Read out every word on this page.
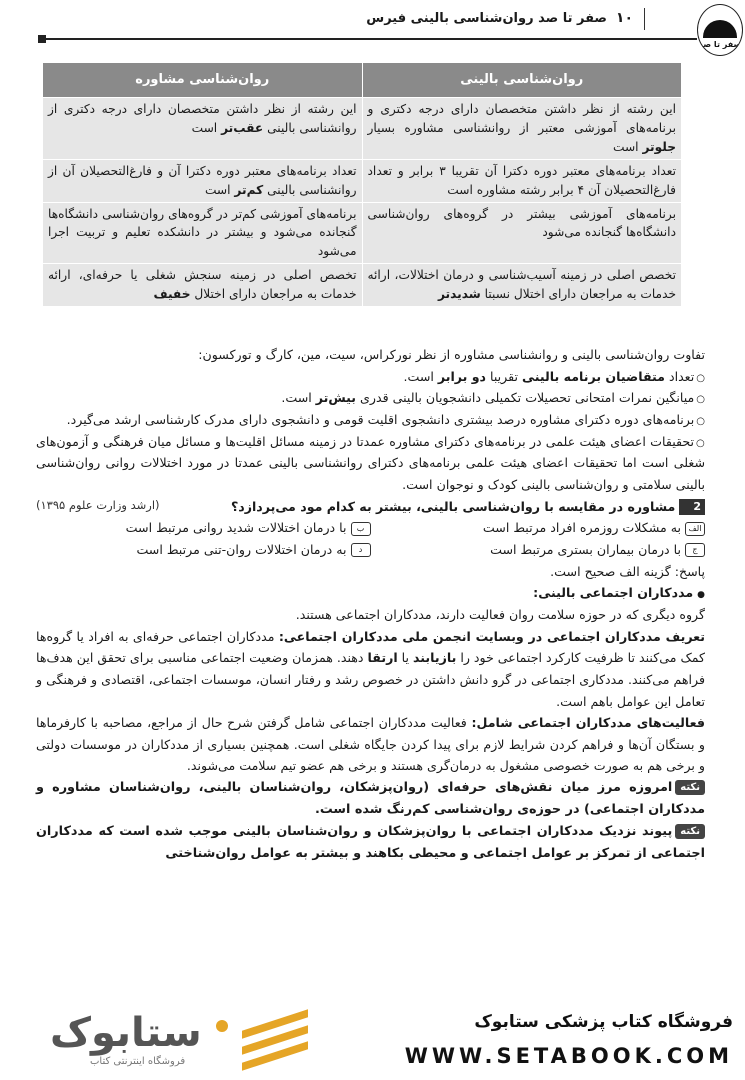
صفر تا صد
۱۰
صفر تا صد روان‌شناسی بالینی فیرس
روان‌شناسی بالینی	روان‌شناسی مشاوره
این رشته از نظر داشتن متخصصان دارای درجه دکتری و برنامه‌های آموزشی معتبر از روانشناسی مشاوره بسیار جلوتر است	این رشته از نظر داشتن متخصصان دارای درجه دکتری از روانشناسی بالینی عقب‌تر است
تعداد برنامه‌های معتبر دوره دکترا آن تقریبا ۳ برابر و تعداد فارغ‌التحصیلان آن ۴ برابر رشته مشاوره است	تعداد برنامه‌های معتبر دوره دکترا آن و فارغ‌التحصیلان آن از روانشناسی بالینی کم‌تر است
برنامه‌های آموزشی بیشتر در گروه‌های روان‌شناسی دانشگاه‌ها گنجانده می‌شود	برنامه‌های آموزشی کم‌تر در گروه‌های روان‌شناسی دانشگاه‌ها گنجانده می‌شود و بیشتر در دانشکده تعلیم و تربیت اجرا می‌شود
تخصص اصلی در زمینه آسیب‌شناسی و درمان اختلالات، ارائه خدمات به مراجعان دارای اختلال نسبتا شدیدتر	تخصص اصلی در زمینه سنجش شغلی یا حرفه‌ای، ارائه خدمات به مراجعان دارای اختلال خفیف

تفاوت روان‌شناسی بالینی و روانشناسی مشاوره از نظر نورکراس، سیت، مین، کارگ و تورکسون:

○ تعداد متقاضیان برنامه بالینی تقریبا دو برابر است.

○ میانگین نمرات امتحانی تحصیلات تکمیلی دانشجویان بالینی قدری بیش‌تر است.

○ برنامه‌های دوره دکترای مشاوره درصد بیشتری دانشجوی اقلیت قومی و دانشجوی دارای مدرک کارشناسی ارشد می‌گیرد.

○ تحقیقات اعضای هیئت علمی در برنامه‌های دکترای مشاوره عمدتا در زمینه مسائل اقلیت‌ها و مسائل میان فرهنگی و آزمون‌های شغلی است اما تحقیقات اعضای هیئت علمی برنامه‌های دکترای روانشناسی بالینی عمدتا در مورد اختلالات روانی روان‌شناسی بالینی سلامتی و روان‌شناسی بالینی کودک و نوجوان است.

2مشاوره در مقایسه با روان‌شناسی بالینی، بیشتر به کدام مود می‌پردازد؟
(ارشد وزارت علوم ۱۳۹۵)

الفبه مشکلات روزمره افراد مرتبط است
ببا درمان اختلالات شدید روانی مرتبط است
جبا درمان بیماران بستری مرتبط است
دبه درمان اختلالات روان-تنی مرتبط است

پاسخ: گزینه الف صحیح است.

● مددکاران اجتماعی بالینی:

گروه دیگری که در حوزه سلامت روان فعالیت دارند، مددکاران اجتماعی هستند.

تعریف مددکاران اجتماعی در وبسایت انجمن ملی مددکاران اجتماعی: مددکاران اجتماعی حرفه‌ای به افراد یا گروه‌ها کمک می‌کنند تا ظرفیت کارکرد اجتماعی خود را بازیابند یا ارتقا دهند. همزمان وضعیت اجتماعی مناسبی برای تحقق این هدف‌ها فراهم می‌کنند. مددکاری اجتماعی در گرو دانش داشتن در خصوص رشد و رفتار انسان، موسسات اجتماعی، اقتصادی و فرهنگی و تعامل این عوامل باهم است.

فعالیت‌های مددکاران اجتماعی شامل: فعالیت مددکاران اجتماعی شامل گرفتن شرح حال از مراجع، مصاحبه با کارفرماها و بستگان آن‌ها و فراهم کردن شرایط لازم برای پیدا کردن جایگاه شغلی است. همچنین بسیاری از مددکاران در موسسات دولتی و برخی هم به صورت خصوصی مشغول به درمان‌گری هستند و برخی هم عضو تیم سلامت می‌شوند.

نکتهامروزه مرز میان نقش‌های حرفه‌ای (روان‌پزشکان، روان‌شناسان بالینی، روان‌شناسان مشاوره و مددکاران اجتماعی) در حوزه‌ی روان‌شناسی کم‌رنگ شده است.

نکتهپیوند نزدیک مددکاران اجتماعی با روان‌پزشکان و روان‌شناسان بالینی موجب شده است که مددکاران اجتماعی از تمرکز بر عوامل اجتماعی و محیطی بکاهند و بیشتر به عوامل روان‌شناختی

فروشگاه کتاب پزشکی ستابوک
WWW.SETABOOK.COM
ستابوک
فروشگاه اینترنتی کتاب
